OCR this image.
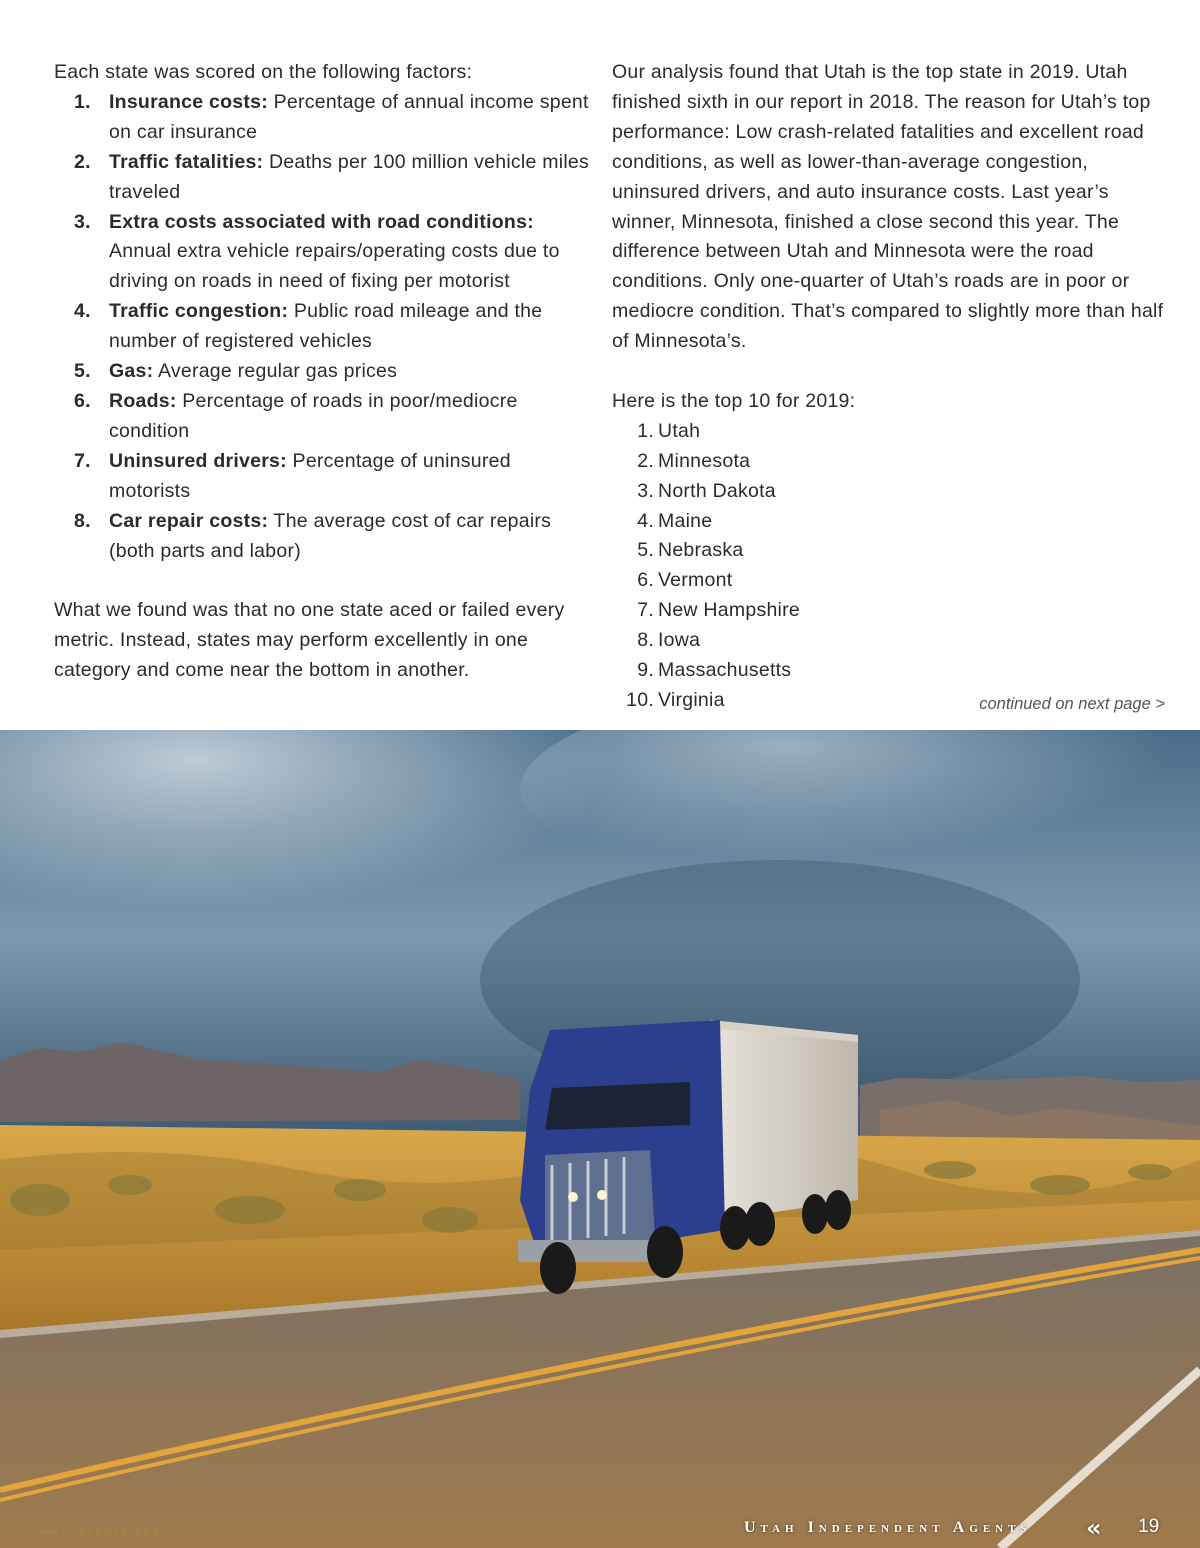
Each state was scored on the following factors:

1. Insurance costs: Percentage of annual income spent on car insurance
2. Traffic fatalities: Deaths per 100 million vehicle miles traveled
3. Extra costs associated with road conditions: Annual extra vehicle repairs/operating costs due to driving on roads in need of fixing per motorist
4. Traffic congestion: Public road mileage and the number of registered vehicles
5. Gas: Average regular gas prices
6. Roads: Percentage of roads in poor/mediocre condition
7. Uninsured drivers: Percentage of uninsured motorists
8. Car repair costs: The average cost of car repairs (both parts and labor)

What we found was that no one state aced or failed every metric. Instead, states may perform excellently in one category and come near the bottom in another.

Our analysis found that Utah is the top state in 2019. Utah finished sixth in our report in 2018. The reason for Utah’s top performance: Low crash-related fatalities and excellent road conditions, as well as lower-than-average congestion, uninsured drivers, and auto insurance costs. Last year’s winner, Minnesota, finished a close second this year. The difference between Utah and Minnesota were the road conditions. Only one-quarter of Utah’s roads are in poor or mediocre condition. That’s compared to slightly more than half of Minnesota’s.

Here is the top 10 for 2019:

1. Utah
2. Minnesota
3. North Dakota
4. Maine
5. Nebraska
6. Vermont
7. New Hampshire
8. Iowa
9. Massachusetts
10. Virginia	continued on next page >
www.utahia.org	Utah Independent Agents « 19
